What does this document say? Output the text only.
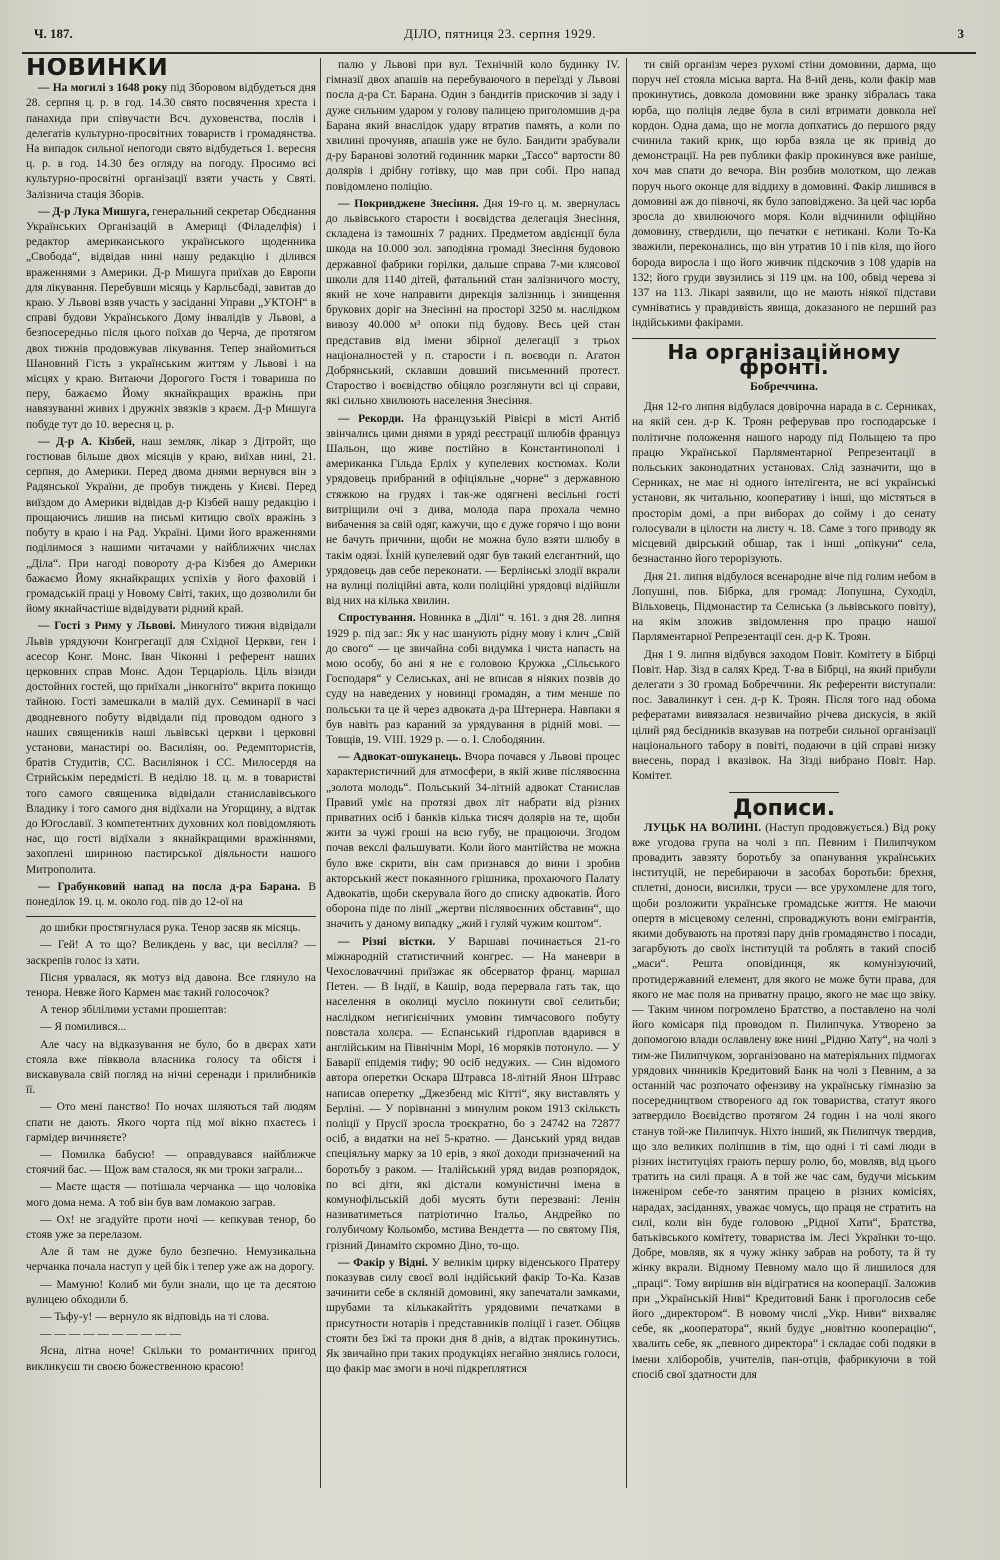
Ч. 187.	ДІЛО, пятниця 23. серпня 1929.	3
НОВИНКИ

— На могилі з 1648 року під Зборовом відбудеться дня 28. серпня ц. р. в год. 14.30 свято посвячення хреста і панахида при співучасти Всч. духовенства, послів і делегатів культурно-просвітних товариств і громадянства. На випадок сильної непогоди свято відбудеться 1. вересня ц. р. в год. 14.30 без огляду на погоду. Просимо всі культурно-просвітні організації взяти участь у Святі. Залізнича стація Зборів.

— Д-р Лука Мишуга, генеральний секретар Обєднання Українських Організацій в Америці (Філаделфія) і редактор американського українського щоденника „Свобода“, відвідав нині нашу редакцію і ділився враженнями з Америки. Д-р Мишуга приїхав до Европи для лікування. Перебувши місяць у Карльсбаді, завитав до краю. У Львові взяв участь у засіданні Управи „УКТОН“ в справі будови Українського Дому інвалідів у Львові, а безпосередньо після цього поїхав до Черча, де протягом двох тижнів продовжував лікування. Тепер знайомиться Шановний Гість з українським життям у Львові і на місцях у краю. Витаючи Дорогого Гостя і товариша по перу, бажаємо Йому якнайкращих вражінь при навязуванні живих і дружніх звязків з краєм. Д-р Мишуга побуде тут до 10. вересня ц. р.

— Д-р А. Кізбей, наш земляк, лікар з Дітройт, що гостював більше двох місяців у краю, виїхав нині, 21. серпня, до Америки. Перед двома днями вернувся він з Радянської України, де пробув тиждень у Києві. Перед виїздом до Америки відвідав д-р Кізбей нашу редакцію і прощаючись лишив на письмі китицю своїх вражінь з побуту в краю і на Рад. Україні. Цими його враженнями поділимося з нашими читачами у найближчих числах „Діла“. При нагоді повороту д-ра Кізбея до Америки бажаємо Йому якнайкращих успіхів у його фаховій і громадській праці у Новому Світі, таких, що дозволили би йому якнайчастіше відвідувати рідний край.

— Гості з Риму у Львові. Минулого тижня відвідали Львів урядуючи Конгрегації для Східної Церкви, ген і асесор Конг. Монс. Іван Чіконні і референт наших церковних справ Монс. Адон Терцаріоль. Ціль візиди достойних гостей, що приїхали „інкогніто“ вкрита покищо тайною. Гості замешкали в малій дух. Семинарії в часі дводневного побуту відвідали під проводом одного з наших священиків наші львівські церкви і церковні установи, манастирі оо. Василіян, оо. Редемптористів, братів Студитів, СС. Василіянок і СС. Милосердя на Стрийськім передмісті. В неділю 18. ц. м. в товаристві того самого священика відвідали станиславівського Владику і того самого дня відїхали на Угорщину, а відтак до Югославії. З компетентних духовних кол повідомляють нас, що гості відїхали з якнайкращими вражіннями, захоплені шириною пастирської діяльности нашого Митрополита.

— Грабунковий напад на посла д-ра Барана. В понеділок 19. ц. м. около год. пів до 12-ої на

до шибки простягнулася рука. Тенор засяв як місяць.

— Гей! А то що? Великдень у вас, ци весілля? — заскрепів голос із хати.

Пісня урвалася, як мотуз від давона. Все глянуло на тенора. Невже його Кармен має такий голосочок?

А тенор збілілими устами прошептав:

— Я помилився...

Але часу на відказування не було, бо в двєрах хати стояла вже півквола власника голосу та обістя і вискавувала свій погляд на нічні серенади і прилибників її.

— Ото мені панство! По ночах шляються тай людям спати не дають. Якого чорта під мої вікно пхаєтесь і гармідер вичиняєте?

— Помилка бабусю! — оправдувався найближче стоячий бас. — Щож вам сталося, як ми троки заграли...

— Маєте щастя — потішала черчанка — що чоловіка мого дома нема. А тоб він був вам ломакою заграв.

— Ох! не згадуйте проти ночі — кепкував тенор, бо стояв уже за перелазом.

Але й там не дуже було безпечно. Немузикальна черчанка почала наступ у цей бік і тепер уже аж на дорогу.

— Мамуню! Колиб ми були знали, що це та десятою вулицею обходили б.

— Тьфу-у! — вернуло як відповідь на ті слова.

— — — — — — — — — —

Ясна, літна ноче! Скільки то романтичних пригод викликуєш ти своєю божественною красою!

палю у Львові при вул. Технічній коло будинку IV. гімназії двох апашів на перебуваючого в переїзді у Львові посла д-ра Ст. Барана. Один з бандитів прискочив зі заду і дуже сильним ударом у голову палицею приголомшив д-ра Барана який внаслідок удару втратив память, а коли по хвилині прочуняв, апашів уже не було. Бандити зрабували д-ру Баранові золотий годинник марки „Тассо“ вартости 80 долярів і дрібну готівку, що мав при собі. Про напад повідомлено поліцію.

— Покривджене Знесіння. Дня 19-го ц. м. звернулась до львівського старости і воєвідства делегація Знесіння, складена із тамошніх 7 радних. Предметом авдієнції була шкода на 10.000 зол. заподіяна громаді Знесіння будовою державної фабрики горілки, дальше справа 7-ми клясової школи для 1140 дітей, фатальний стан залізничого мосту, який не хоче направити дирекція залізниць і знищення брукових доріг на Знесінні на просторі 3250 м. наслідком вивозу 40.000 м³ опоки під будову. Весь цей стан представив від імени збірної делегації з трьох націоналностей у п. старости і п. воєводи п. Агатон Добрянський, склавши довший письменний протест. Староство і воєвідство обіцяло розглянути всі ці справи, які сильно хвилюють населення Знесіння.

— Рекорди. На французькій Рівієрі в місті Антіб звінчались цими днями в уряді реєстрації шлюбів француз Шальон, що живе постійно в Константинополі і американка Гільда Ерліх у купелевих костюмах. Коли урядовець прибраний в офіціяльне „чорне“ з державною стяжкою на грудях і так-же одягнені весільні гості витріщили очі з дива, молода пара прохала чемно вибачення за свій одяг, кажучи, що є дуже горячо і що вони не бачуть причини, щоби не можна було взяти шлюбу в такім одязі. Їхній купелевий одяг був такий елєгантний, що урядовець дав себе переконати. — Берлінські злодії вкрали на вулиці поліційні авта, коли поліційні урядовці відійшли від них на кілька хвилин.

Спростування. Новинка в „Ділі“ ч. 161. з дня 28. липня 1929 р. під заг.: Як у нас шанують рідну мову і клич „Свій до свого“ — це звичайна собі видумка і чиста напасть на мою особу, бо ані я не є головою Кружка „Сільського Господаря“ у Селиськах, ані не вписав я ніяких позвів до суду на наведених у новинці громадян, а тим менше по польськи та це й через адвоката д-ра Штернера. Навпаки я був навіть раз караний за урядування в рідній мові. — Товщів, 19. VIII. 1929 р. — о. І. Слободянин.

— Адвокат-ошуканець. Вчора почався у Львові процес характеристичний для атмосфери, в якій живе післявоєнна „золота молодь“. Польський 34-літній адвокат Станислав Правий уміє на протязі двох літ набрати від різних приватних осіб і банків кілька тисяч долярів на те, щоби жити за чужі гроші на всю губу, не працюючи. Згодом почав векслі фальшувати. Коли його мантійства не можна було вже скрити, він сам признався до вини і зробив акторський жест покаянного грішника, прохаючого Палату Адвокатів, щоби скерувала його до списку адвокатів. Його оборона піде по лінії „жертви післявоєнних обставин“, що значить у даному випадку „жий і гуляй чужим коштом“.

— Різні вістки. У Варшаві починається 21-го міжнародній статистичний конгрес. — На маневри в Чехословаччині приїзжає як обсерватор франц. маршал Петен. — В Індії, в Кашір, вода перервала гать так, що населення в околиці мусіло покинути свої селитьби; наслідком негигієнічних умовин тимчасового побуту повстала холєра. — Еспанський гідроплав вдарився в англійським на Північнім Морі, 16 моряків потонуло. — У Баварії епідемія тифу; 90 осіб недужих. — Син відомого автора оперетки Оскара Штравса 18-літній Янон Штравс написав оперетку „Джезбенд міс Кітті“, яку виставлять у Берліні. — У порівнанні з минулим роком 1913 скільксть поліції у Прусії зросла троєкратно, бо з 24742 на 72877 осіб, а видатки на неї 5-кратно. — Данський уряд видав спеціяльну марку за 10 ерів, з якої доходи призначений на боротьбу з раком. — Італійський уряд видав розпорядок, по всі діти, які дістали комуністичні імена в комунофільській добі мусять бути перезвані: Ленін називатиметься патріотично Італьо, Андрейко по голубичому Кольомбо, мстива Вендетта — по святому Пія, грізний Динаміто скромно Діно, то-що.

— Факір у Відні. У великім цирку віденського Пратеру показував силу своєї волі індійський факір То-Ка. Казав зачинити себе в скляній домовині, яку запечатали замками, шрубами та кількакайтіть урядовими печатками в присутности нотарів і представників поліції і газет. Обіцяв стояти без їжі та проки дня 8 днів, а відтак прокинутись. Як звичайно при таких продукціях негайно знялись голоси, що факір має змоги в ночі підкреплятися

ти свій організм через рухомі стіни домовини, дарма, що поруч неї стояла міська варта. На 8-ий день, коли факір мав прокинутись, довкола домовини вже зранку зібралась така юрба, що поліція ледве була в силі втримати довкола неї кордон. Одна дама, що не могла допхатись до першого ряду счинила такий крик, що юрба взяла це як привід до демонстрації. На рев публики факір прокинувся вже раніше, хоч мав спати до вечора. Він розбив молотком, що лежав поруч нього оконце для віддиху в домовині. Факір лишився в домовині аж до півночі, як було заповіджено. За цей час юрба зросла до хвилюючого моря. Коли відчинили офіційно домовину, ствердили, що печатки є нетикані. Коли То-Ка зважили, переконались, що він утратив 10 і пів кіля, що його борода виросла і що його живчик підскочив з 108 ударів на 132; його груди звузились зі 119 цм. на 100, обвід черева зі 137 на 113. Лікарі заявили, що не мають ніякої підстави сумніватись у правдивість явища, доказаного не перший раз індійськими факірами.

На організаційному фронті.
Бобреччина.

Дня 12-го липня відбулася довірочна нарада в с. Серниках, на якій сен. д-р К. Троян реферував про господарське і політичне положення нашого народу під Польщею та про працю Української Парляментарної Репрезентації в польських законодатних установах. Слід зазначити, що в Серниках, не має ні одного інтелігента, не всі українські установи, як читальню, кооперативу і інші, що містяться в просторім домі, а при виборах до сойму і до сенату голосували в цілости на листу ч. 18. Саме з того приводу як місцевий двірський обшар, так і інші „опікуни“ села, безнастанно його терорізують.

Дня 21. липня відбулося всенародне віче під голим небом в Лопушні, пов. Бібрка, для громад: Лопушна, Суходіл, Вільховець, Підмонастир та Селиська (з львівського повіту), на якім зложив звідомлення про працю нашої Парляментарної Репрезентації сен. д-р К. Троян.

Дня 1 9. липня відбувся заходом Повіт. Комітету в Бібрці Повіт. Нар. Зізд в салях Кред. Т-ва в Бібрці, на який прибули делегати з 30 громад Бобреччини. Як референти виступали: пос. Завалинкут і сен. д-р К. Троян. Після того над обома рефератами вивязалася незвичайно річева дискусія, в якій цілий ряд бесідників вказував на потреби сильної організації національного табору в повіті, подаючи в цій справі низку внесень, порад і вказівок. На Зізді вибрано Повіт. Нар. Комітет.

Дописи.

ЛУЦЬК НА ВОЛИНІ. (Наступ продовжується.) Від року вже угодова група на чолі з пп. Певним і Пилипчуком провадить завзяту боротьбу за опанування українських інституцій, не перебираючи в засобах боротьби: брехня, сплетні, доноси, висилки, труси — все урухомлене для того, щоби розложити українське громадське життя. Не маючи опертя в місцевому селенні, спроваджують вони емігрантів, якими добувають на протязі пару днів громадянство і посади, загарбують до своїх інституцій та роблять в такий спосіб „маси“. Решта оповідинця, як комунізуючий, протидержавний елемент, для якого не може бути права, для якого не має поля на приватну працю, якого не має що звіку. — Таким чином погромлено Братство, а поставлено на чолі його комісаря під проводом п. Пилипчука. Утворено за допомогою влади ославлену вже нині „Рідню Хату“, на чолі з тим-же Пилипчуком, зорганізовано на матеріяльних підмогах урядових чинників Кредитовий Банк на чолі з Певним, а за останній час розпочато офензиву на українську гімназію за посередництвом створеного ад ґок товариства, статут якого затвердило Воєвідство протягом 24 годин і на чолі якого станув той-же Пилипчук. Ніхто інший, як Пилипчук твердив, що зло великих поліпшив в тім, що одні і ті самі люди в різних інституціях грають першу ролю, бо, мовляв, від цього тратить на силі праця. А в той же час сам, будучи міським інженіром себе-то занятим працею в різних комісіях, нарадах, засіданнях, уважає чомусь, що праця не стратить на силі, коли він буде головою „Рідної Хати“, Братства, батьківського комітету, товариства ім. Лесі Українки то-що. Добре, мовляв, як я чужу жінку забрав на роботу, та й ту жінку вкрали. Відному Певному мало що й лишилося для „праці“. Тому вирішив він відігратися на кооперації. Заложив при „Українській Ниві“ Кредитовий Банк і проголосив себе його „директором“. В новому числі „Укр. Ниви“ вихваляє себе, як „кооператора“, який будує „новітню кооперацію“, хвалить себе, як „певного директора“ і складає собі подяки в імени хліборобів, учителів, пан-отців, фабрикуючи в той спосіб свої здатности для
